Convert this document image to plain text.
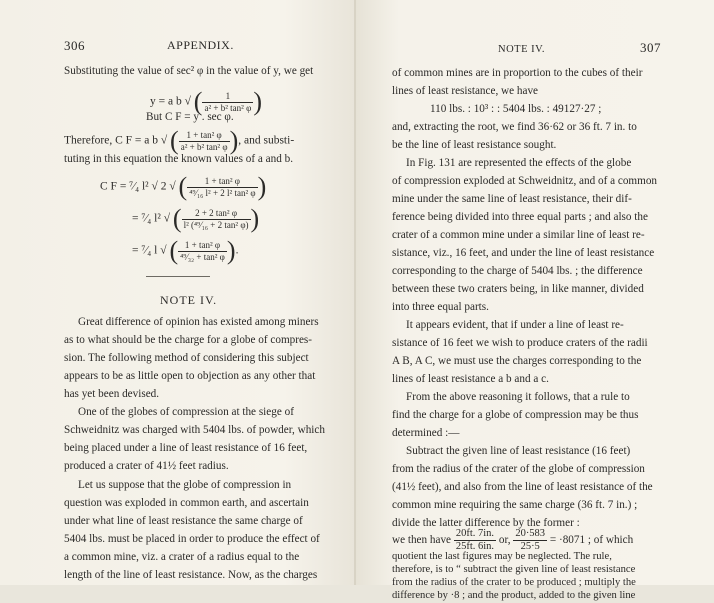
306	APPENDIX.
Substituting the value of sec² φ in the value of y, we get
y = a b √ ( $\frac{1}{\text{a² + b² tan² φ}}$ )
But C F = y . sec φ.
Therefore, C F = a b √ ( $\frac{\text{1 + tan² φ}}{\text{a² + b² tan² φ}}$ ), and substi-
tuting in this equation the known values of a and b.
C F = ⁷⁄₄ l² √ 2 √ ( $\frac{\text{1 + tan² φ}}{\text{⁴⁹⁄₁₆ l² + 2 l² tan² φ}}$ )
= ⁷⁄₄ l² √ ( $\frac{\text{2 + 2 tan² φ}}{\text{l² (⁴⁹⁄₁₆ + 2 tan² φ)}}$ )
= ⁷⁄₄ l √ ( $\frac{\text{1 + tan² φ}}{\text{⁴⁹⁄₃₂ + tan² φ}}$ ).
NOTE IV.
Great difference of opinion has existed among miners
as to what should be the charge for a globe of compres-
sion. The following method of considering this subject
appears to be as little open to objection as any other that
has yet been devised.
One of the globes of compression at the siege of
Schweidnitz was charged with 5404 lbs. of powder, which
being placed under a line of least resistance of 16 feet,
produced a crater of 41½ feet radius.
Let us suppose that the globe of compression in
question was exploded in common earth, and ascertain
under what line of least resistance the same charge of
5404 lbs. must be placed in order to produce the effect of
a common mine, viz. a crater of a radius equal to the
length of the line of least resistance. Now, as the charges
NOTE IV.	307
of common mines are in proportion to the cubes of their
lines of least resistance, we have
110 lbs. : 10³ : : 5404 lbs. : 49127·27 ;
and, extracting the root, we find 36·62 or 36 ft. 7 in. to
be the line of least resistance sought.
In Fig. 131 are represented the effects of the globe
of compression exploded at Schweidnitz, and of a common
mine under the same line of least resistance, their dif-
ference being divided into three equal parts ; and also the
crater of a common mine under a similar line of least re-
sistance, viz., 16 feet, and under the line of least resistance
corresponding to the charge of 5404 lbs. ; the difference
between these two craters being, in like manner, divided
into three equal parts.
It appears evident, that if under a line of least re-
sistance of 16 feet we wish to produce craters of the radii
A B, A C, we must use the charges corresponding to the
lines of least resistance a b and a c.
From the above reasoning it follows, that a rule to
find the charge for a globe of compression may be thus
determined :—
Subtract the given line of least resistance (16 feet)
from the radius of the crater of the globe of compression
(41½ feet), and also from the line of least resistance of the
common mine requiring the same charge (36 ft. 7 in.) ;
divide the latter difference by the former :
we then have $\frac{20ft. 7in.}{25ft. 6in.}$ or, $\frac{20\cdot 583}{25\cdot 5} = \cdot 8071$ ; of which
quotient the last figures may be neglected. The rule,
therefore, is to “ subtract the given line of least resistance
from the radius of the crater to be produced ; multiply the
difference by ·8 ; and the product, added to the given line
